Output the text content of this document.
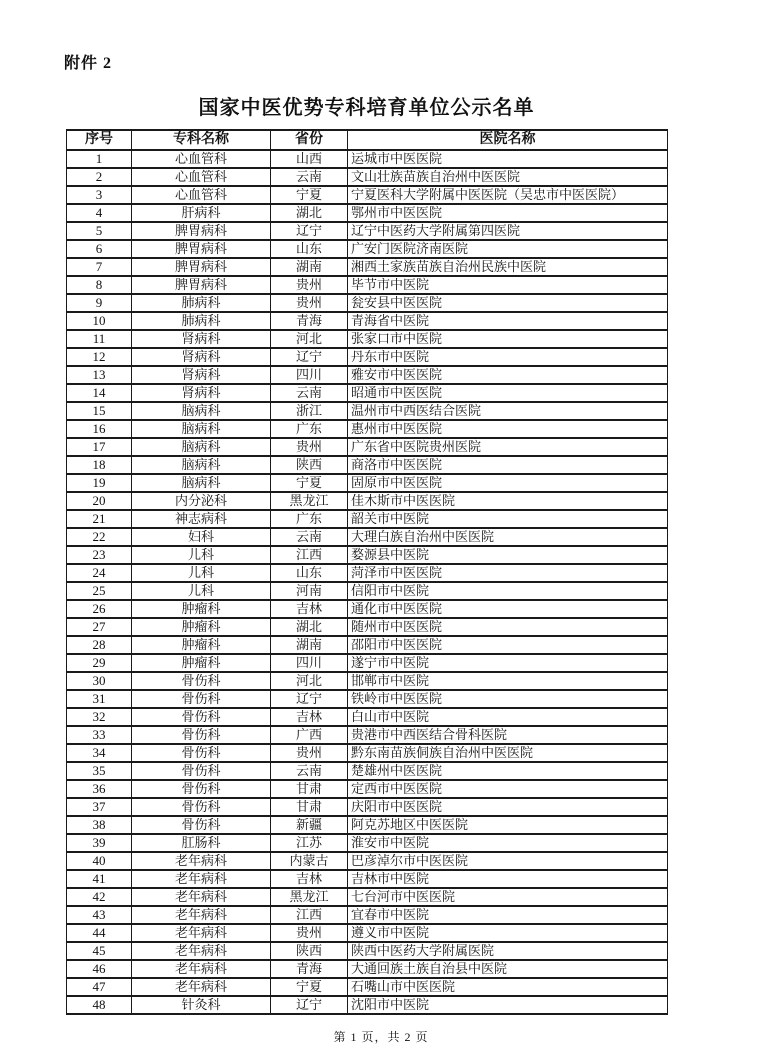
附件 2
国家中医优势专科培育单位公示名单
序号	专科名称	省份	医院名称
1	心血管科	山西	运城市中医医院
2	心血管科	云南	文山壮族苗族自治州中医医院
3	心血管科	宁夏	宁夏医科大学附属中医医院（吴忠市中医医院）
4	肝病科	湖北	鄂州市中医医院
5	脾胃病科	辽宁	辽宁中医药大学附属第四医院
6	脾胃病科	山东	广安门医院济南医院
7	脾胃病科	湖南	湘西土家族苗族自治州民族中医院
8	脾胃病科	贵州	毕节市中医院
9	肺病科	贵州	瓮安县中医医院
10	肺病科	青海	青海省中医院
11	肾病科	河北	张家口市中医院
12	肾病科	辽宁	丹东市中医院
13	肾病科	四川	雅安市中医医院
14	肾病科	云南	昭通市中医医院
15	脑病科	浙江	温州市中西医结合医院
16	脑病科	广东	惠州市中医医院
17	脑病科	贵州	广东省中医院贵州医院
18	脑病科	陕西	商洛市中医医院
19	脑病科	宁夏	固原市中医医院
20	内分泌科	黑龙江	佳木斯市中医医院
21	神志病科	广东	韶关市中医院
22	妇科	云南	大理白族自治州中医医院
23	儿科	江西	婺源县中医院
24	儿科	山东	菏泽市中医医院
25	儿科	河南	信阳市中医院
26	肿瘤科	吉林	通化市中医医院
27	肿瘤科	湖北	随州市中医医院
28	肿瘤科	湖南	邵阳市中医医院
29	肿瘤科	四川	遂宁市中医院
30	骨伤科	河北	邯郸市中医院
31	骨伤科	辽宁	铁岭市中医医院
32	骨伤科	吉林	白山市中医院
33	骨伤科	广西	贵港市中西医结合骨科医院
34	骨伤科	贵州	黔东南苗族侗族自治州中医医院
35	骨伤科	云南	楚雄州中医医院
36	骨伤科	甘肃	定西市中医医院
37	骨伤科	甘肃	庆阳市中医医院
38	骨伤科	新疆	阿克苏地区中医医院
39	肛肠科	江苏	淮安市中医院
40	老年病科	内蒙古	巴彦淖尔市中医医院
41	老年病科	吉林	吉林市中医院
42	老年病科	黑龙江	七台河市中医医院
43	老年病科	江西	宜春市中医院
44	老年病科	贵州	遵义市中医院
45	老年病科	陕西	陕西中医药大学附属医院
46	老年病科	青海	大通回族土族自治县中医院
47	老年病科	宁夏	石嘴山市中医医院
48	针灸科	辽宁	沈阳市中医院
第 1 页，共 2 页
